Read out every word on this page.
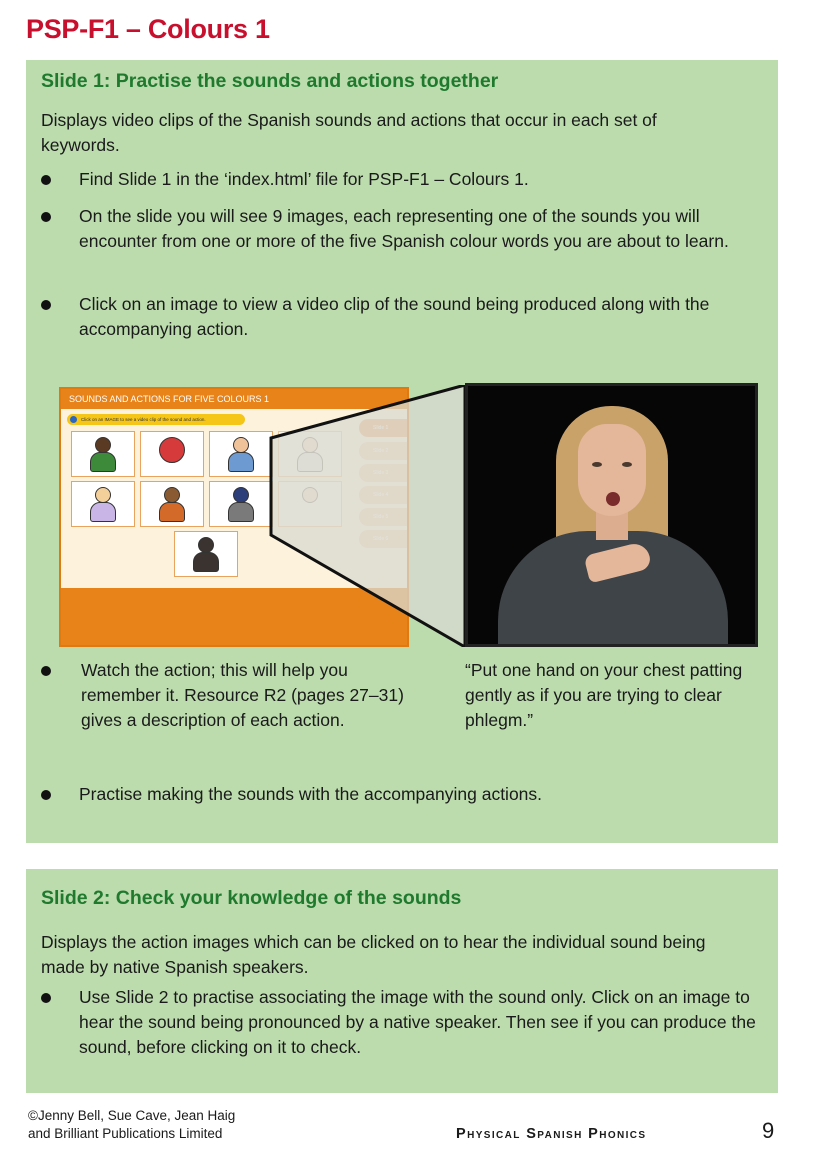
PSP-F1 – Colours 1
Slide 1: Practise the sounds and actions together
Displays video clips of the Spanish sounds and actions that occur in each set of keywords.
Find Slide 1 in the ‘index.html’ file for PSP-F1 – Colours 1.
On the slide you will see 9 images, each representing one of the sounds you will encounter from one or more of the five Spanish colour words you are about to learn.
Click on an image to view a video clip of the sound being produced along with the accompanying action.
SOUNDS AND ACTIONS FOR FIVE COLOURS 1
Click on an IMAGE to see a video clip of the sound and action.
Watch the action; this will help you remember it. Resource R2 (pages 27–31) gives a description of each action.
“Put one hand on your chest patting gently as if you are trying to clear phlegm.”
Practise making the sounds with the accompanying actions.
Slide 2: Check your knowledge of the sounds
Displays the action images which can be clicked on to hear the individual sound being made by native Spanish speakers.
Use Slide 2 to practise associating the image with the sound only. Click on an image to hear the sound being pronounced by a native speaker. Then see if you can produce the sound, before clicking on it to check.
©Jenny Bell, Sue Cave, Jean Haig
and Brilliant Publications Limited	Physical Spanish Phonics	9
